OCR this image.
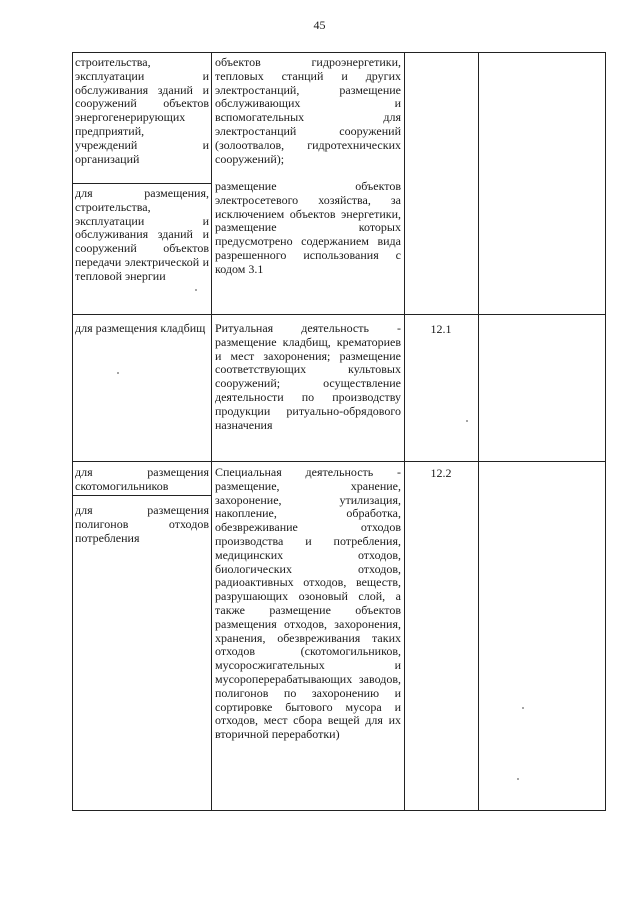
45
строительства, эксплуатации и обслуживания зданий и сооружений объектов энергогенерирующих предприятий, учреждений и организаций
объектов гидроэнергетики, тепловых станций и других электростанций, размещение обслуживающих и вспомогательных для электростанций сооружений (золоотвалов, гидротехнических сооружений);
для размещения, строительства, эксплуатации и обслуживания зданий и сооружений объектов передачи электрической и тепловой энергии
размещение объектов электросетевого хозяйства, за исключением объектов энергетики, размещение которых предусмотрено содержанием вида разрешенного использования с кодом 3.1
для размещения кладбищ Ритуальная деятельность - размещение кладбищ, крематориев и мест захоронения; размещение соответствующих культовых сооружений; осуществление деятельности по производству продукции ритуально-обрядового назначения
12.1
для размещения скотомогильников
Специальная деятельность - размещение, хранение, захоронение, утилизация, накопление, обработка, обезвреживание отходов производства и потребления, медицинских отходов, биологических отходов, радиоактивных отходов, веществ, разрушающих озоновый слой, а также размещение объектов размещения отходов, захоронения, хранения, обезвреживания таких отходов (скотомогильников, мусоросжигательных и мусороперерабатывающих заводов, полигонов по захоронению и сортировке бытового мусора и отходов, мест сбора вещей для их вторичной переработки)
12.2
для размещения полигонов отходов потребления
